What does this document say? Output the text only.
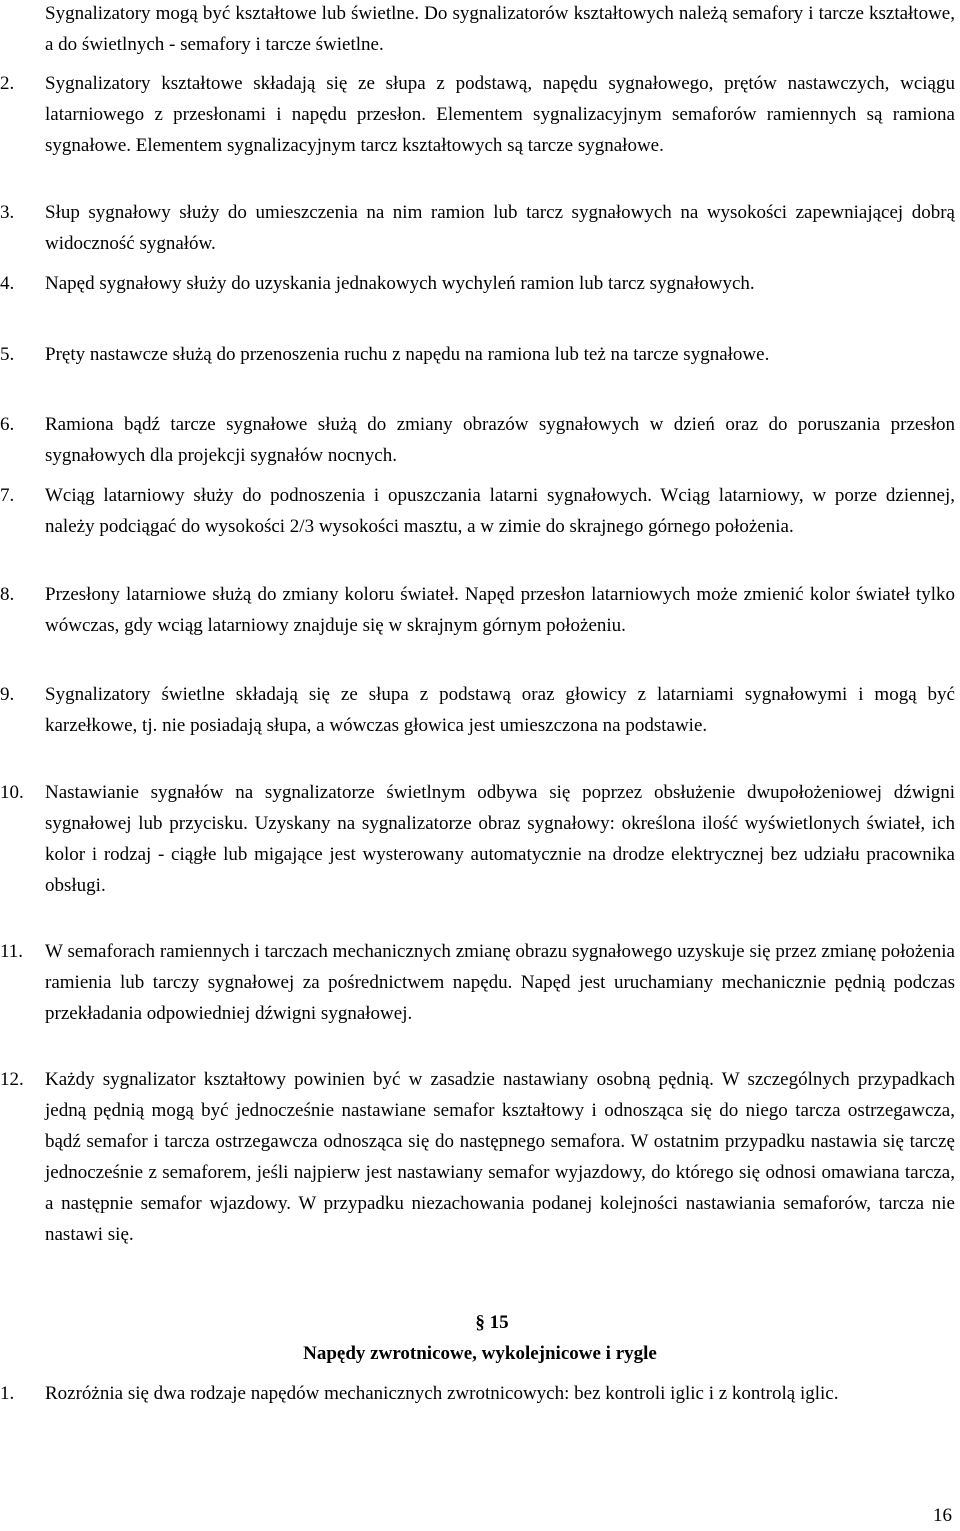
Sygnalizatory mogą być kształtowe lub świetlne. Do sygnalizatorów kształtowych należą semafory i tarcze kształtowe, a do świetlnych - semafory i tarcze świetlne.

2.	Sygnalizatory kształtowe składają się ze słupa z podstawą, napędu sygnałowego, prętów nastawczych, wciągu latarniowego z przesłonami i napędu przesłon. Elementem sygnalizacyjnym semaforów ramiennych są ramiona sygnałowe. Elementem sygnalizacyjnym tarcz kształtowych są tarcze sygnałowe.
3.	Słup sygnałowy służy do umieszczenia na nim ramion lub tarcz sygnałowych na wysokości zapewniającej dobrą widoczność sygnałów.
4.	Napęd sygnałowy służy do uzyskania jednakowych wychyleń ramion lub tarcz sygnałowych.
5.	Pręty nastawcze służą do przenoszenia ruchu z napędu na ramiona lub też na tarcze sygnałowe.
6.	Ramiona bądź tarcze sygnałowe służą do zmiany obrazów sygnałowych w dzień oraz do poruszania przesłon sygnałowych dla projekcji sygnałów nocnych.
7.	Wciąg latarniowy służy do podnoszenia i opuszczania latarni sygnałowych. Wciąg latarniowy, w porze dziennej, należy podciągać do wysokości 2/3 wysokości masztu, a w zimie do skrajnego górnego położenia.
8.	Przesłony latarniowe służą do zmiany koloru świateł. Napęd przesłon latarniowych może zmienić kolor świateł tylko wówczas, gdy wciąg latarniowy znajduje się w skrajnym górnym położeniu.
9.	Sygnalizatory świetlne składają się ze słupa z podstawą oraz głowicy z latarniami sygnałowymi i mogą być karzełkowe, tj. nie posiadają słupa, a wówczas głowica jest umieszczona na podstawie.
10.	Nastawianie sygnałów na sygnalizatorze świetlnym odbywa się poprzez obsłużenie dwupołożeniowej dźwigni sygnałowej lub przycisku. Uzyskany na sygnalizatorze obraz sygnałowy: określona ilość wyświetlonych świateł, ich kolor i rodzaj - ciągłe lub migające jest wysterowany automatycznie na drodze elektrycznej bez udziału pracownika obsługi.
11.	W semaforach ramiennych i tarczach mechanicznych zmianę obrazu sygnałowego uzyskuje się przez zmianę położenia ramienia lub tarczy sygnałowej za pośrednictwem napędu. Napęd jest uruchamiany mechanicznie pędnią podczas przekładania odpowiedniej dźwigni sygnałowej.
12.	Każdy sygnalizator kształtowy powinien być w zasadzie nastawiany osobną pędnią. W szczególnych przypadkach jedną pędnią mogą być jednocześnie nastawiane semafor kształtowy i odnosząca się do niego tarcza ostrzegawcza, bądź semafor i tarcza ostrzegawcza odnosząca się do następnego semafora. W ostatnim przypadku nastawia się tarczę jednocześnie z semaforem, jeśli najpierw jest nastawiany semafor wyjazdowy, do którego się odnosi omawiana tarcza, a następnie semafor wjazdowy. W przypadku niezachowania podanej kolejności nastawiania semaforów, tarcza nie nastawi się.
§ 15
Napędy zwrotnicowe, wykolejnicowe i rygle
1.	Rozróżnia się dwa rodzaje napędów mechanicznych zwrotnicowych: bez kontroli iglic i z kontrolą iglic.
16
